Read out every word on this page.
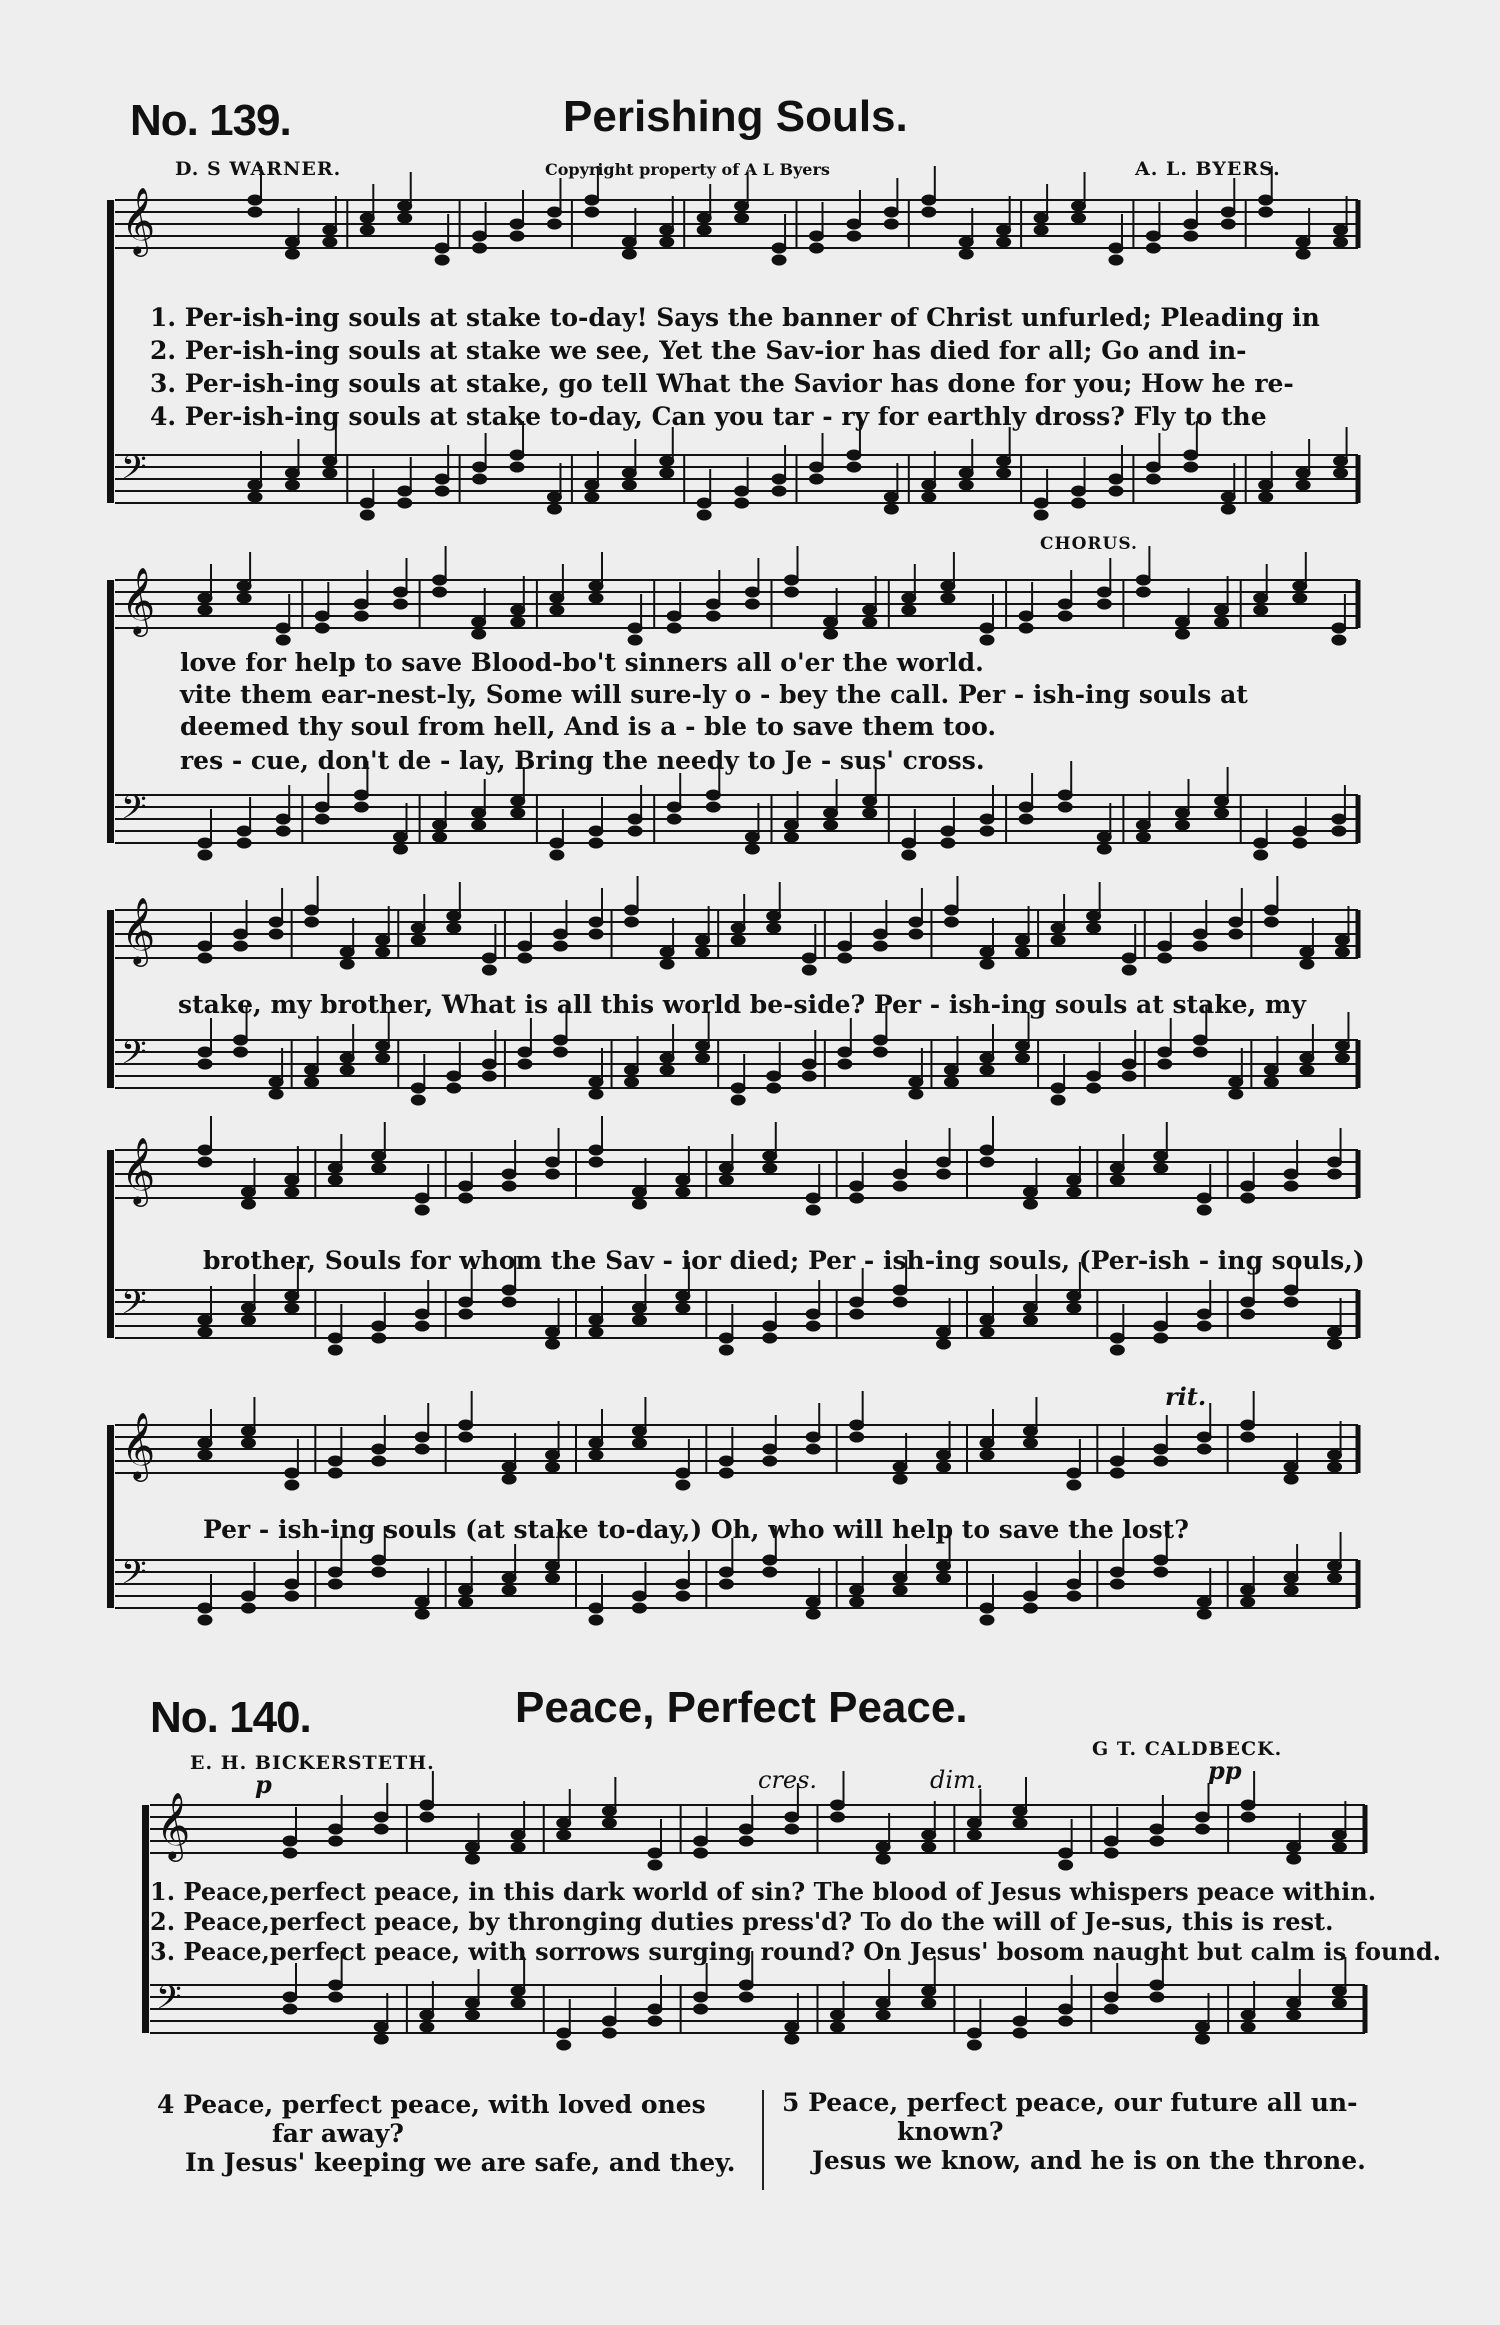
No. 139.	Perishing Souls.
D. S WARNER.	Copyright property of A L Byers	A. L. BYERS.
𝄞
𝄢
𝄞
𝄢
𝄞
𝄢
𝄞
𝄢
𝄞
𝄢
𝄞
𝄢
1. Per-ish-ing souls at stake to-day! Says the banner of Christ unfurled; Pleading in
2. Per-ish-ing souls at stake we see, Yet the Sav-ior has died for all; Go and in-
3. Per-ish-ing souls at stake, go tell What the Savior has done for you; How he re-
4. Per-ish-ing souls at stake to-day, Can you tar - ry for earthly dross? Fly to the
CHORUS.
love for help to save Blood-bo't sinners all o'er the world.
vite them ear-nest-ly, Some will sure-ly o - bey the call. Per - ish-ing souls at
deemed thy soul from hell, And is a - ble to save them too.
res - cue, don't de - lay, Bring the needy to Je - sus' cross.
stake, my brother, What is all this world be-side? Per - ish-ing souls at stake, my
brother, Souls for whom the Sav - ior died; Per - ish-ing souls, (Per-ish - ing souls,)
rit.
Per - ish-ing souls (at stake to-day,) Oh, who will help to save the lost?
No. 140.	Peace, Perfect Peace.
E. H. BICKERSTETH.
G T. CALDBECK.
p	cres.	dim.	pp
1. Peace,perfect peace, in this dark world of sin? The blood of Jesus whispers peace within.
2. Peace,perfect peace, by thronging duties press'd? To do the will of Je-sus, this is rest.
3. Peace,perfect peace, with sorrows surging round? On Jesus' bosom naught but calm is found.
4 Peace, perfect peace, with loved ones
far away?
In Jesus' keeping we are safe, and they.
5 Peace, perfect peace, our future all un-
known?
Jesus we know, and he is on the throne.
